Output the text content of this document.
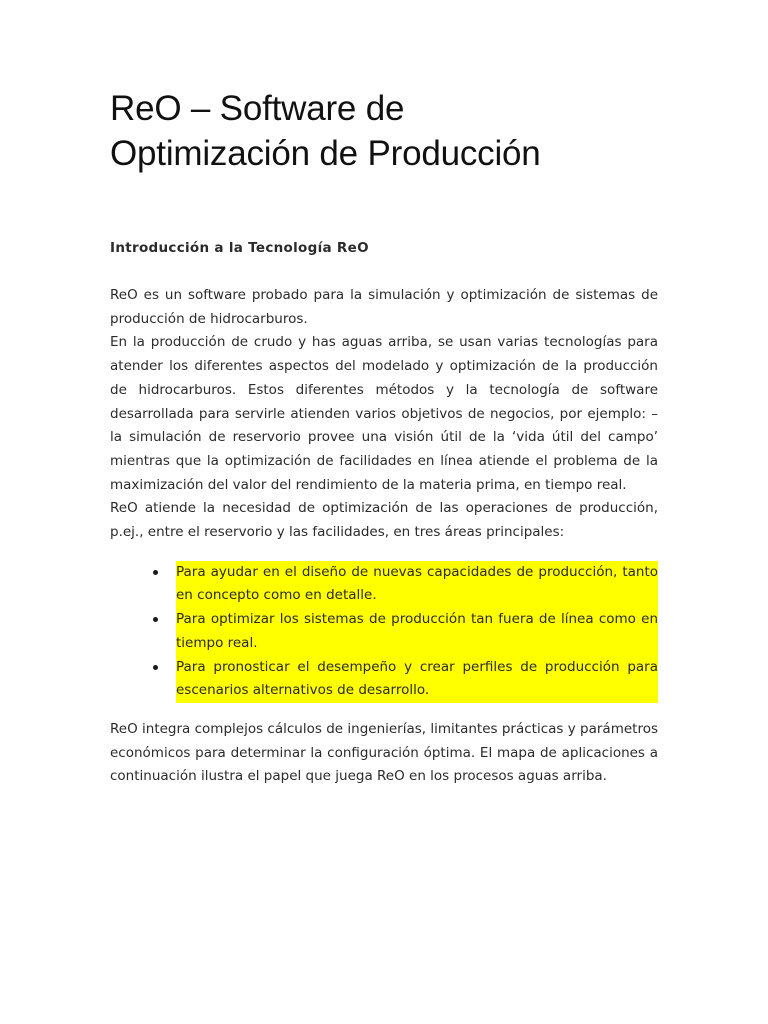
ReO – Software de
Optimización de Producción
Introducción a la Tecnología ReO

ReO es un software probado para la simulación y optimización de sistemas de producción de hidrocarburos.

En la producción de crudo y has aguas arriba, se usan varias tecnologías para atender los diferentes aspectos del modelado y optimización de la producción de hidrocarburos. Estos diferentes métodos y la tecnología de software desarrollada para servirle atienden varios objetivos de negocios, por ejemplo: – la simulación de reservorio provee una visión útil de la ‘vida útil del campo’ mientras que la optimización de facilidades en línea atiende el problema de la maximización del valor del rendimiento de la materia prima, en tiempo real.

ReO atiende la necesidad de optimización de las operaciones de producción, p.ej., entre el reservorio y las facilidades, en tres áreas principales:

Para ayudar en el diseño de nuevas capacidades de producción, tanto en concepto como en detalle.
Para optimizar los sistemas de producción tan fuera de línea como en tiempo real.
Para pronosticar el desempeño y crear perfiles de producción para escenarios alternativos de desarrollo.

ReO integra complejos cálculos de ingenierías, limitantes prácticas y parámetros económicos para determinar la configuración óptima. El mapa de aplicaciones a continuación ilustra el papel que juega ReO en los procesos aguas arriba.
